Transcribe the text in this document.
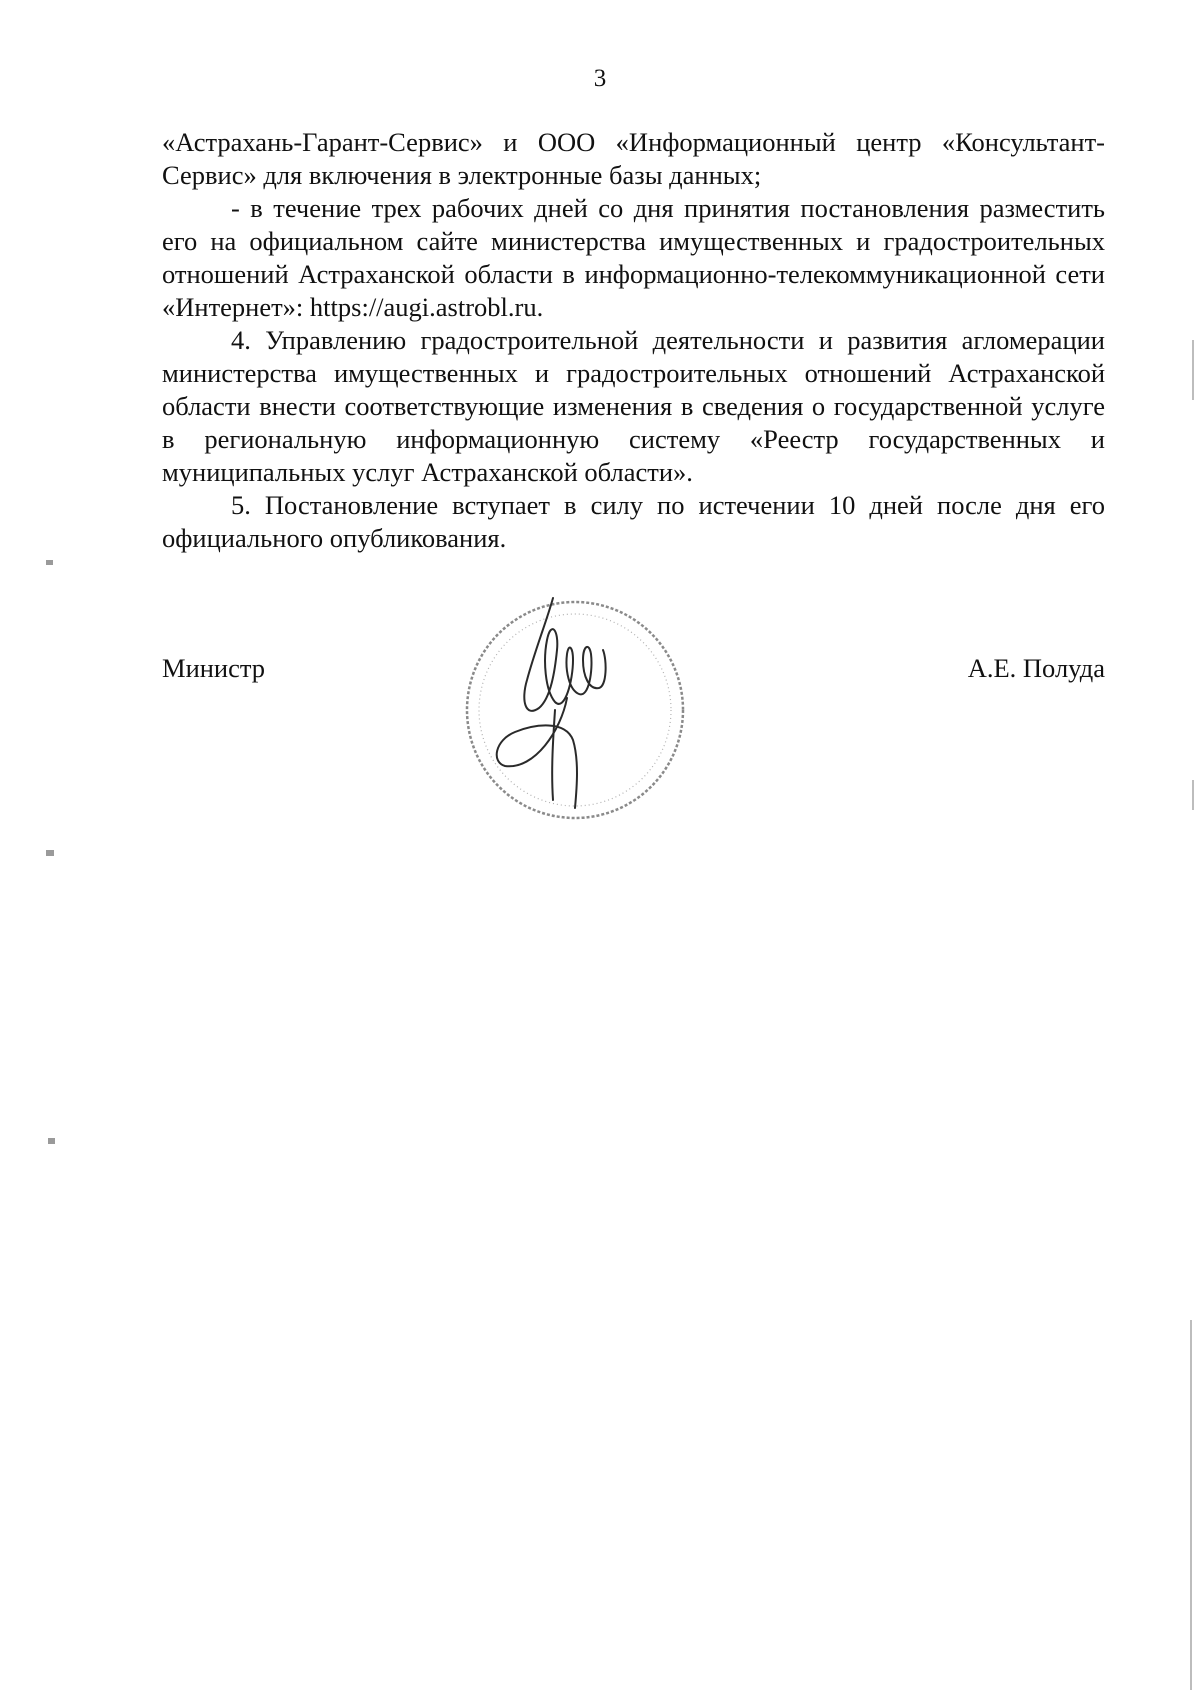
3

«Астрахань-Гарант-Сервис» и ООО «Информационный центр «Консультант-Сервис» для включения в электронные базы данных;

- в течение трех рабочих дней со дня принятия постановления разместить его на официальном сайте министерства имущественных и градостроительных отношений Астраханской области в информационно-телекоммуникационной сети «Интернет»: https://augi.astrobl.ru.

4. Управлению градостроительной деятельности и развития агломерации министерства имущественных и градостроительных отношений Астраханской области внести соответствующие изменения в сведения о государственной услуге в региональную информационную систему «Реестр государственных и муниципальных услуг Астраханской области».

5. Постановление вступает в силу по истечении 10 дней после дня его официального опубликования.

Министр	А.Е. Полуда
